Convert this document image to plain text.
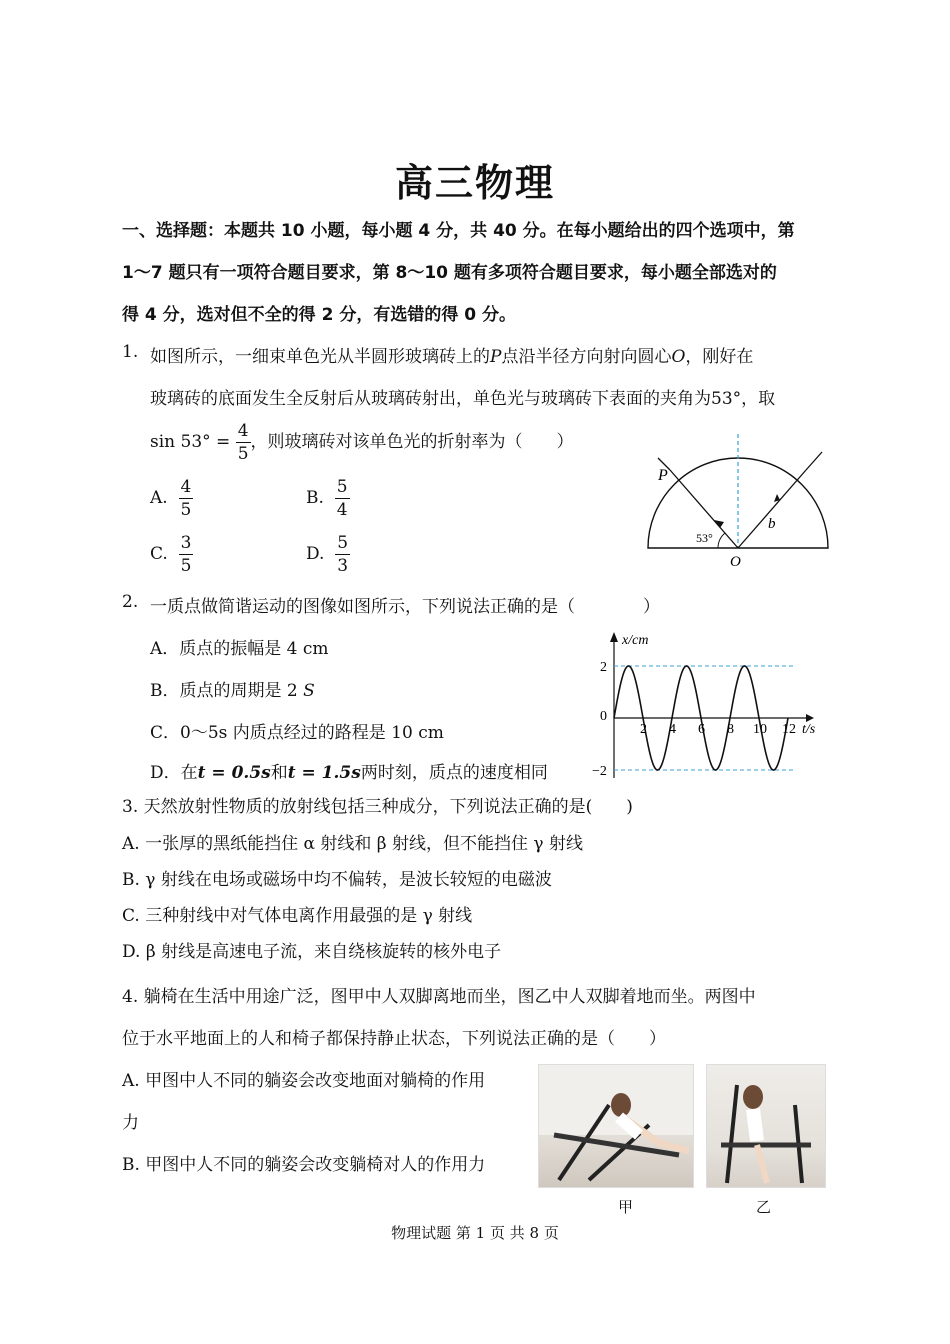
高三物理
一、选择题：本题共 10 小题，每小题 4 分，共 40 分。在每小题给出的四个选项中，第
1～7 题只有一项符合题目要求，第 8～10 题有多项符合题目要求，每小题全部选对的
得 4 分，选对但不全的得 2 分，有选错的得 0 分。
1. 如图所示，一细束单色光从半圆形玻璃砖上的P点沿半径方向射向圆心O，刚好在
玻璃砖的底面发生全反射后从玻璃砖射出，单色光与玻璃砖下表面的夹角为53°，取
$\sin 53^\circ = \frac{4}{5}$ ，则玻璃砖对该单色光的折射率为（　　）
A. $\frac{4}{5}$	B. $\frac{5}{4}$
C. $\frac{3}{5}$	D. $\frac{5}{3}$
P
O
b
53°
2. 一质点做简谐运动的图像如图所示，下列说法正确的是（　　　　）
A．质点的振幅是 4 cm
B．质点的周期是 2 S
C．0～5s 内质点经过的路程是 10 cm
D．在t = 0.5s和t = 1.5s两时刻，质点的速度相同
2 4 6 8 10 12
2
0
−2
x/cm
t/s
3. 天然放射性物质的放射线包括三种成分，下列说法正确的是(　　)
A. 一张厚的黑纸能挡住 α 射线和 β 射线，但不能挡住 γ 射线
B. γ 射线在电场或磁场中均不偏转，是波长较短的电磁波
C. 三种射线中对气体电离作用最强的是 γ 射线
D. β 射线是高速电子流，来自绕核旋转的核外电子
4. 躺椅在生活中用途广泛，图甲中人双脚离地而坐，图乙中人双脚着地而坐。两图中
位于水平地面上的人和椅子都保持静止状态，下列说法正确的是（　　）
A. 甲图中人不同的躺姿会改变地面对躺椅的作用
力
B. 甲图中人不同的躺姿会改变躺椅对人的作用力
甲	乙
物理试题 第 1 页 共 8 页
